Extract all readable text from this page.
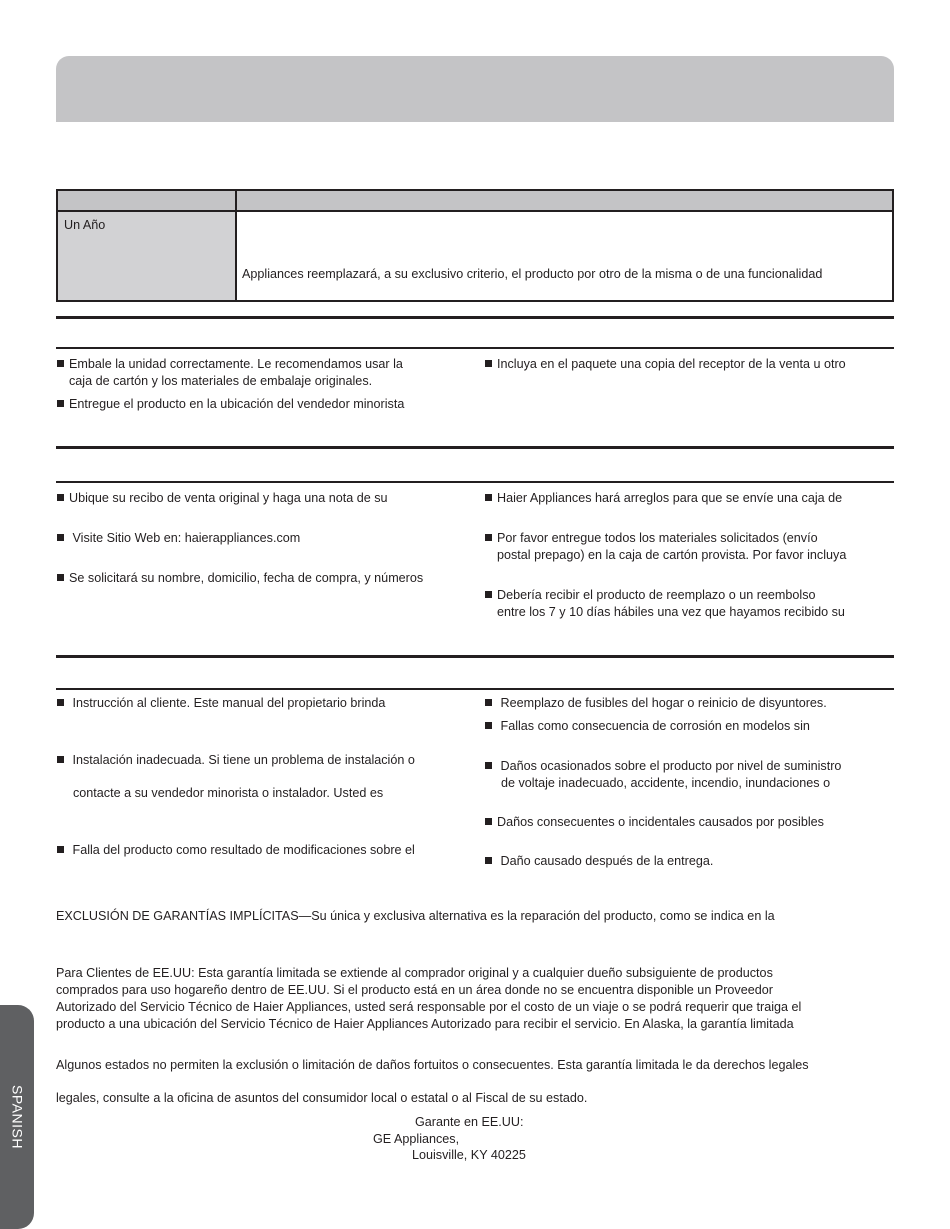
Un Año
Appliances reemplazará, a su exclusivo criterio, el producto por otro de la misma o de una funcionalidad
Embale la unidad correctamente. Le recomendamos usar la
caja de cartón y los materiales de embalaje originales.
Entregue el producto en la ubicación del vendedor minorista
Incluya en el paquete una copia del receptor de la venta u otro
Ubique su recibo de venta original y haga una nota de su
Visite Sitio Web en: haierappliances.com
Se solicitará su nombre, domicilio, fecha de compra, y números
Haier Appliances hará arreglos para que se envíe una caja de
Por favor entregue todos los materiales solicitados (envío
postal prepago) en la caja de cartón provista. Por favor incluya
Debería recibir el producto de reemplazo o un reembolso
entre los 7 y 10 días hábiles una vez que hayamos recibido su
Instrucción al cliente. Este manual del propietario brinda
Instalación inadecuada. Si tiene un problema de instalación o
contacte a su vendedor minorista o instalador. Usted es
Falla del producto como resultado de modificaciones sobre el
Reemplazo de fusibles del hogar o reinicio de disyuntores.
Fallas como consecuencia de corrosión en modelos sin
Daños ocasionados sobre el producto por nivel de suministro
de voltaje inadecuado, accidente, incendio, inundaciones o
Daños consecuentes o incidentales causados por posibles
Daño causado después de la entrega.
EXCLUSIÓN DE GARANTÍAS IMPLÍCITAS—Su única y exclusiva alternativa es la reparación del producto, como se indica en la
Para Clientes de EE.UU: Esta garantía limitada se extiende al comprador original y a cualquier dueño subsiguiente de productos
comprados para uso hogareño dentro de EE.UU. Si el producto está en un área donde no se encuentra disponible un Proveedor
Autorizado del Servicio Técnico de Haier Appliances, usted será responsable por el costo de un viaje o se podrá requerir que traiga el
producto a una ubicación del Servicio Técnico de Haier Appliances Autorizado para recibir el servicio. En Alaska, la garantía limitada
Algunos estados no permiten la exclusión o limitación de daños fortuitos o consecuentes. Esta garantía limitada le da derechos legales
legales, consulte a la oficina de asuntos del consumidor local o estatal o al Fiscal de su estado.
Garante en EE.UU:
GE Appliances,
Louisville, KY 40225
SPANISH
